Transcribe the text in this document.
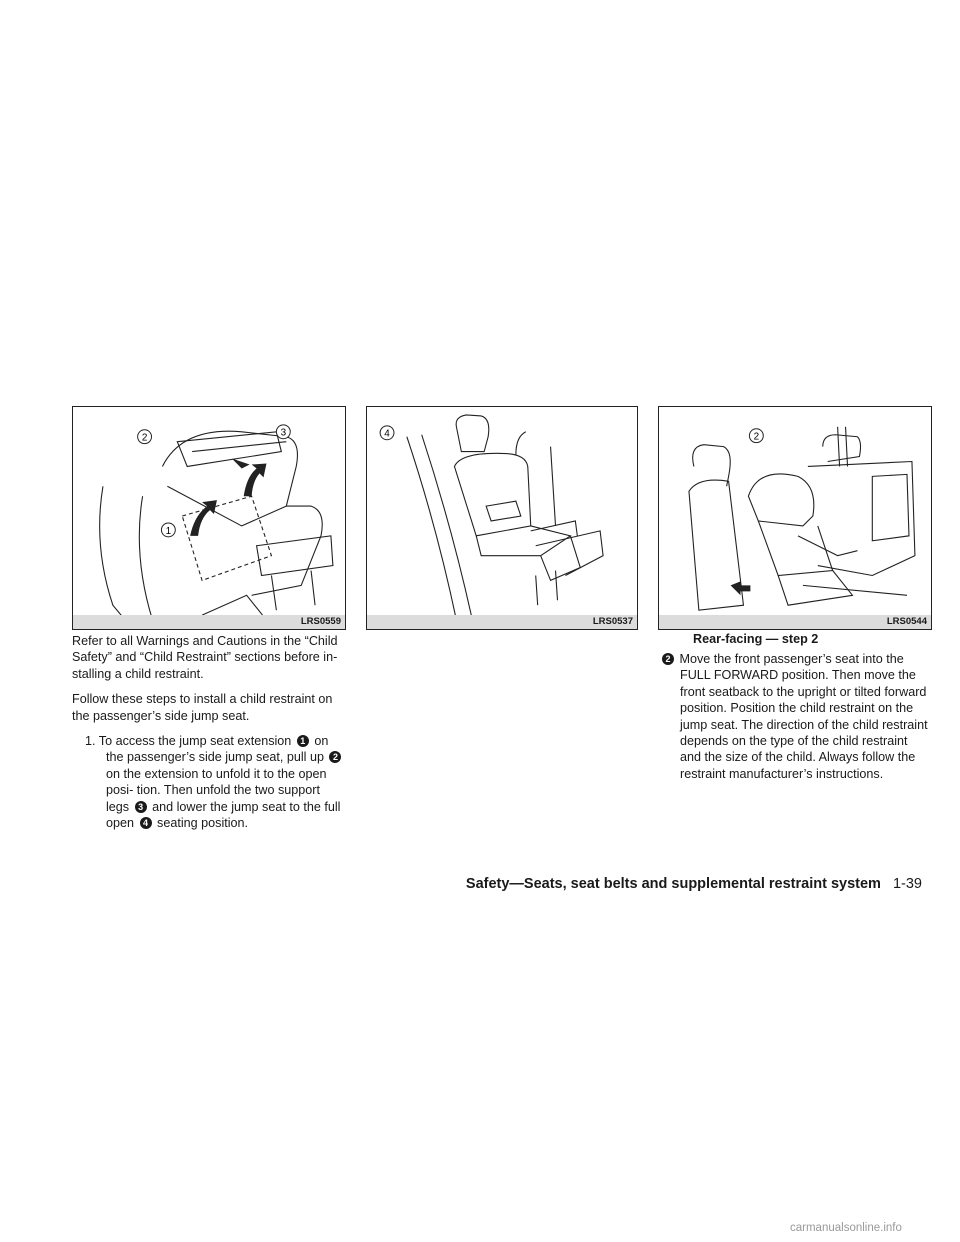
2	3
1
LRS0559
4
LRS0537
2
LRS0544
Rear-facing — step 2

Refer to all Warnings and Cautions in the “Child Safety” and “Child Restraint” sections before in- stalling a child restraint.

Follow these steps to install a child restraint on the passenger’s side jump seat.

1. To access the jump seat extension 1 on the passenger’s side jump seat, pull up 2 on the extension to unfold it to the open posi- tion. Then unfold the two support legs 3 and lower the jump seat to the full open 4 seating position.

2 Move the front passenger’s seat into the FULL FORWARD position. Then move the front seatback to the upright or tilted forward position. Position the child restraint on the jump seat. The direction of the child restraint depends on the type of the child restraint and the size of the child. Always follow the restraint manufacturer’s instructions.

Safety—Seats, seat belts and supplemental restraint system 1-39
carmanualsonline.info
